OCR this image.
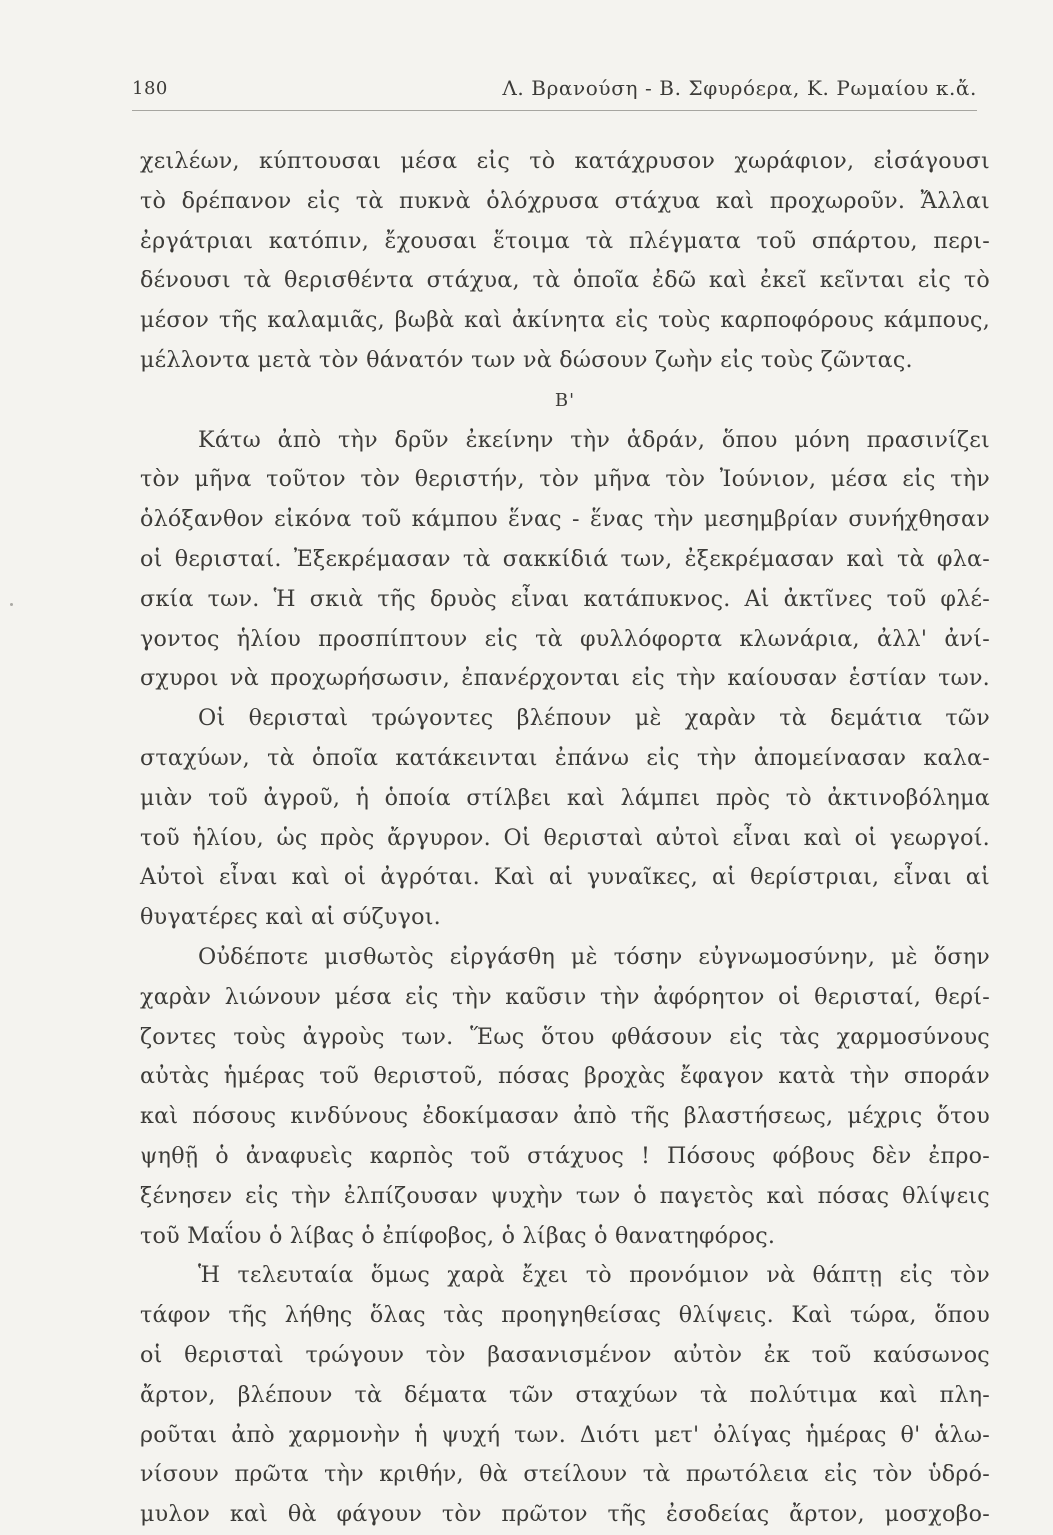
180	Λ. Βρανούση - Β. Σφυρόερα, Κ. Ρωμαίου κ.ἄ.
χειλέων, κύπτουσαι μέσα εἰς τὸ κατάχρυσον χωράφιον, εἰσάγουσι
τὸ δρέπανον εἰς τὰ πυκνὰ ὁλόχρυσα στάχυα καὶ προχωροῦν. Ἄλλαι
ἐργάτριαι κατόπιν, ἔχουσαι ἕτοιμα τὰ πλέγματα τοῦ σπάρτου, περι-
δένουσι τὰ θερισθέντα στάχυα, τὰ ὁποῖα ἐδῶ καὶ ἐκεῖ κεῖνται εἰς τὸ
μέσον τῆς καλαμιᾶς, βωβὰ καὶ ἀκίνητα εἰς τοὺς καρποφόρους κάμπους,
μέλλοντα μετὰ τὸν θάνατόν των νὰ δώσουν ζωὴν εἰς τοὺς ζῶντας.
Β'
Κάτω ἀπὸ τὴν δρῦν ἐκείνην τὴν ἁδράν, ὅπου μόνη πρασινίζει
τὸν μῆνα τοῦτον τὸν θεριστήν, τὸν μῆνα τὸν Ἰούνιον, μέσα εἰς τὴν
ὁλόξανθον εἰκόνα τοῦ κάμπου ἕνας - ἕνας τὴν μεσημβρίαν συνήχθησαν
οἱ θερισταί. Ἐξεκρέμασαν τὰ σακκίδιά των, ἐξεκρέμασαν καὶ τὰ φλα-
σκία των. Ἡ σκιὰ τῆς δρυὸς εἶναι κατάπυκνος. Αἱ ἀκτῖνες τοῦ φλέ-
γοντος ἡλίου προσπίπτουν εἰς τὰ φυλλόφορτα κλωνάρια, ἀλλ' ἀνί-
σχυροι νὰ προχωρήσωσιν, ἐπανέρχονται εἰς τὴν καίουσαν ἑστίαν των.
Οἱ θερισταὶ τρώγοντες βλέπουν μὲ χαρὰν τὰ δεμάτια τῶν
σταχύων, τὰ ὁποῖα κατάκεινται ἐπάνω εἰς τὴν ἀπομείνασαν καλα-
μιὰν τοῦ ἀγροῦ, ἡ ὁποία στίλβει καὶ λάμπει πρὸς τὸ ἀκτινοβόλημα
τοῦ ἡλίου, ὡς πρὸς ἄργυρον. Οἱ θερισταὶ αὐτοὶ εἶναι καὶ οἱ γεωργοί.
Αὐτοὶ εἶναι καὶ οἱ ἀγρόται. Καὶ αἱ γυναῖκες, αἱ θερίστριαι, εἶναι αἱ
θυγατέρες καὶ αἱ σύζυγοι.
Οὐδέποτε μισθωτὸς εἰργάσθη μὲ τόσην εὐγνωμοσύνην, μὲ ὅσην
χαρὰν λιώνουν μέσα εἰς τὴν καῦσιν τὴν ἀφόρητον οἱ θερισταί, θερί-
ζοντες τοὺς ἀγροὺς των. Ἕως ὅτου φθάσουν εἰς τὰς χαρμοσύνους
αὐτὰς ἡμέρας τοῦ θεριστοῦ, πόσας βροχὰς ἔφαγον κατὰ τὴν σποράν
καὶ πόσους κινδύνους ἐδοκίμασαν ἀπὸ τῆς βλαστήσεως, μέχρις ὅτου
ψηθῇ ὁ ἀναφυεὶς καρπὸς τοῦ στάχυος ! Πόσους φόβους δὲν ἐπρο-
ξένησεν εἰς τὴν ἐλπίζουσαν ψυχὴν των ὁ παγετὸς καὶ πόσας θλίψεις
τοῦ Μαΐου ὁ λίβας ὁ ἐπίφοβος, ὁ λίβας ὁ θανατηφόρος.
Ἡ τελευταία ὅμως χαρὰ ἔχει τὸ προνόμιον νὰ θάπτῃ εἰς τὸν
τάφον τῆς λήθης ὅλας τὰς προηγηθείσας θλίψεις. Καὶ τώρα, ὅπου
οἱ θερισταὶ τρώγουν τὸν βασανισμένον αὐτὸν ἐκ τοῦ καύσωνος
ἄρτον, βλέπουν τὰ δέματα τῶν σταχύων τὰ πολύτιμα καὶ πλη-
ροῦται ἀπὸ χαρμονὴν ἡ ψυχή των. Διότι μετ' ὀλίγας ἡμέρας θ' ἁλω-
νίσουν πρῶτα τὴν κριθήν, θὰ στείλουν τὰ πρωτόλεια εἰς τὸν ὑδρό-
μυλον καὶ θὰ φάγουν τὸν πρῶτον τῆς ἐσοδείας ἄρτον, μοσχοβο-
